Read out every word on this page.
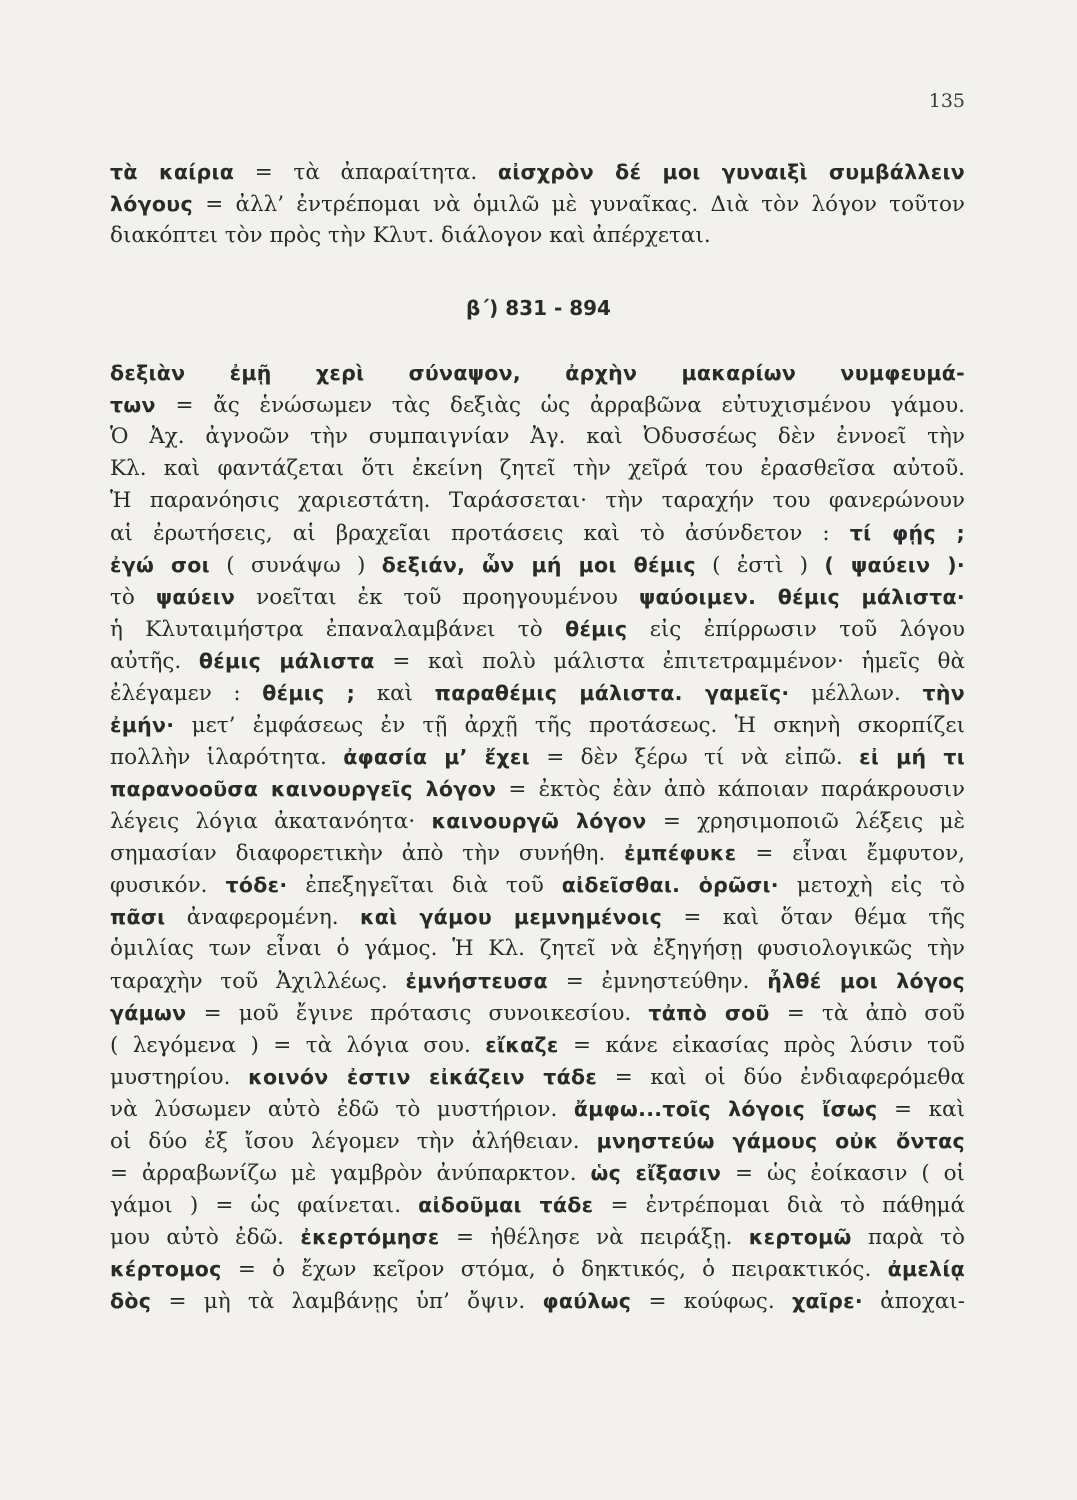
135
τὰ καίρια = τὰ ἀπαραίτητα. αἰσχρὸν δέ μοι γυναιξὶ συμβάλλειν
λόγους = ἀλλ’ ἐντρέπομαι νὰ ὁμιλῶ μὲ γυναῖκας. Διὰ τὸν λόγον τοῦτον
διακόπτει τὸν πρὸς τὴν Κλυτ. διάλογον καὶ ἀπέρχεται.
β΄) 831 - 894
δεξιὰν ἐμῇ χερὶ σύναψον, ἀρχὴν μακαρίων νυμφευμά-
των = ἄς ἑνώσωμεν τὰς δεξιὰς ὡς ἀρραβῶνα εὐτυχισμένου γάμου.
Ὁ Ἀχ. ἀγνοῶν τὴν συμπαιγνίαν Ἀγ. καὶ Ὀδυσσέως δὲν ἐννοεῖ τὴν
Κλ. καὶ φαντάζεται ὅτι ἐκείνη ζητεῖ τὴν χεῖρά του ἐρασθεῖσα αὐτοῦ.
Ἡ παρανόησις χαριεστάτη. Ταράσσεται· τὴν ταραχήν του φανερώνουν
αἱ ἐρωτήσεις, αἱ βραχεῖαι προτάσεις καὶ τὸ ἀσύνδετον : τί φῄς ;
ἐγώ σοι ( συνάψω ) δεξιάν, ὧν μή μοι θέμις ( ἐστὶ ) ( ψαύειν )·
τὸ ψαύειν νοεῖται ἐκ τοῦ προηγουμένου ψαύοιμεν. θέμις μάλιστα·
ἡ Κλυταιμήστρα ἐπαναλαμβάνει τὸ θέμις εἰς ἐπίρρωσιν τοῦ λόγου
αὐτῆς. θέμις μάλιστα = καὶ πολὺ μάλιστα ἐπιτετραμμένον· ἡμεῖς θὰ
ἐλέγαμεν : θέμις ; καὶ παραθέμις μάλιστα. γαμεῖς· μέλλων. τὴν
ἐμήν· μετ’ ἐμφάσεως ἐν τῇ ἀρχῇ τῆς προτάσεως. Ἡ σκηνὴ σκορπίζει
πολλὴν ἱλαρότητα. ἀφασία μ’ ἔχει = δὲν ξέρω τί νὰ εἰπῶ. εἰ μή τι
παρανοοῦσα καινουργεῖς λόγον = ἐκτὸς ἐὰν ἀπὸ κάποιαν παράκρουσιν
λέγεις λόγια ἀκατανόητα· καινουργῶ λόγον = χρησιμοποιῶ λέξεις μὲ
σημασίαν διαφορετικὴν ἀπὸ τὴν συνήθη. ἐμπέφυκε = εἶναι ἔμφυτον,
φυσικόν. τόδε· ἐπεξηγεῖται διὰ τοῦ αἰδεῖσθαι. ὁρῶσι· μετοχὴ εἰς τὸ
πᾶσι ἀναφερομένη. καὶ γάμου μεμνημένοις = καὶ ὅταν θέμα τῆς
ὁμιλίας των εἶναι ὁ γάμος. Ἡ Κλ. ζητεῖ νὰ ἐξηγήσῃ φυσιολογικῶς τὴν
ταραχὴν τοῦ Ἀχιλλέως. ἐμνήστευσα = ἐμνηστεύθην. ἦλθέ μοι λόγος
γάμων = μοῦ ἔγινε πρότασις συνοικεσίου. τἀπὸ σοῦ = τὰ ἀπὸ σοῦ
( λεγόμενα ) = τὰ λόγια σου. εἴκαζε = κάνε εἰκασίας πρὸς λύσιν τοῦ
μυστηρίου. κοινόν ἐστιν εἰκάζειν τάδε = καὶ οἱ δύο ἐνδιαφερόμεθα
νὰ λύσωμεν αὐτὸ ἐδῶ τὸ μυστήριον. ἄμφω...τοῖς λόγοις ἴσως = καὶ
οἱ δύο ἐξ ἴσου λέγομεν τὴν ἀλήθειαν. μνηστεύω γάμους οὐκ ὄντας
= ἀρραβωνίζω μὲ γαμβρὸν ἀνύπαρκτον. ὡς εἴξασιν = ὡς ἐοίκασιν ( οἱ
γάμοι ) = ὡς φαίνεται. αἰδοῦμαι τάδε = ἐντρέπομαι διὰ τὸ πάθημά
μου αὐτὸ ἐδῶ. ἐκερτόμησε = ἠθέλησε νὰ πειράξῃ. κερτομῶ παρὰ τὸ
κέρτομος = ὁ ἔχων κεῖρον στόμα, ὁ δηκτικός, ὁ πειρακτικός. ἀμελίᾳ
δὸς = μὴ τὰ λαμβάνῃς ὑπ’ ὄψιν. φαύλως = κούφως. χαῖρε· ἀποχαι-
